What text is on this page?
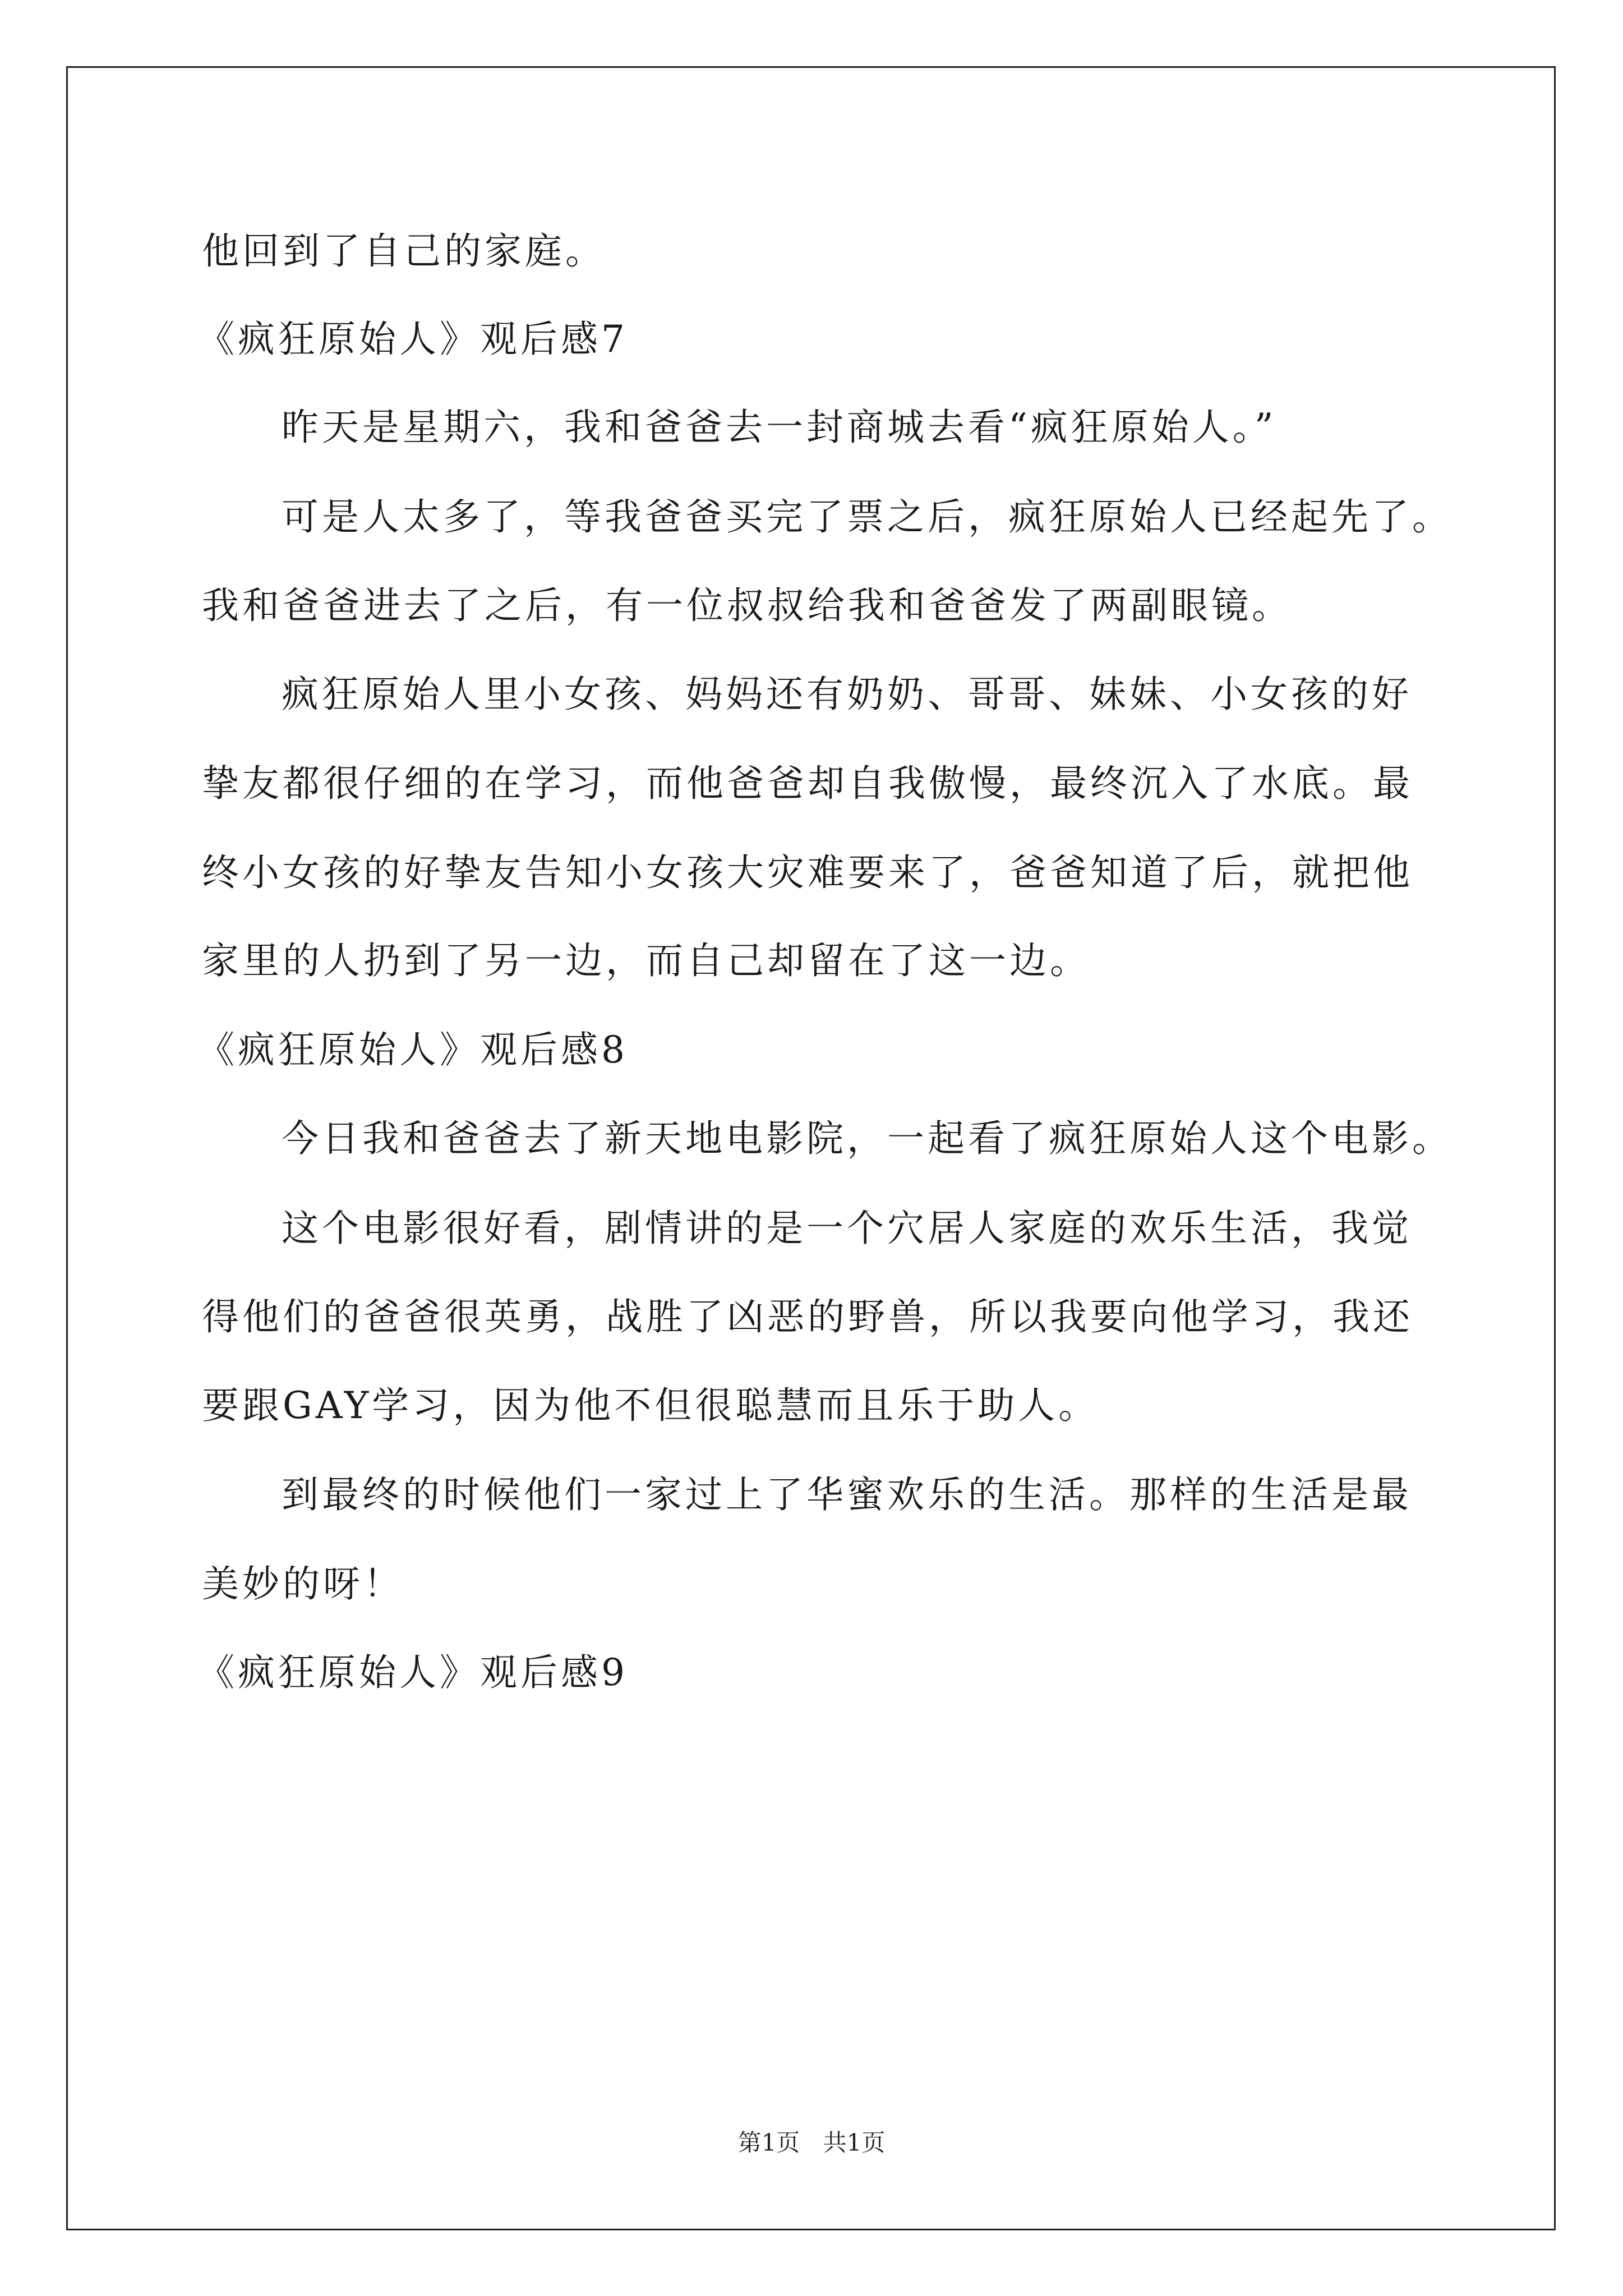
他回到了自己的家庭。
《疯狂原始人》观后感7
昨天是星期六，我和爸爸去一封商城去看“疯狂原始人。”
可是人太多了，等我爸爸买完了票之后，疯狂原始人已经起先了。
我和爸爸进去了之后，有一位叔叔给我和爸爸发了两副眼镜。
疯狂原始人里小女孩、妈妈还有奶奶、哥哥、妹妹、小女孩的好
挚友都很仔细的在学习，而他爸爸却自我傲慢，最终沉入了水底。最
终小女孩的好挚友告知小女孩大灾难要来了，爸爸知道了后，就把他
家里的人扔到了另一边，而自己却留在了这一边。
《疯狂原始人》观后感8
今日我和爸爸去了新天地电影院，一起看了疯狂原始人这个电影。
这个电影很好看，剧情讲的是一个穴居人家庭的欢乐生活，我觉
得他们的爸爸很英勇，战胜了凶恶的野兽，所以我要向他学习，我还
要跟GAY学习，因为他不但很聪慧而且乐于助人。
到最终的时候他们一家过上了华蜜欢乐的生活。那样的生活是最
美妙的呀！
《疯狂原始人》观后感9
第1页 共1页
